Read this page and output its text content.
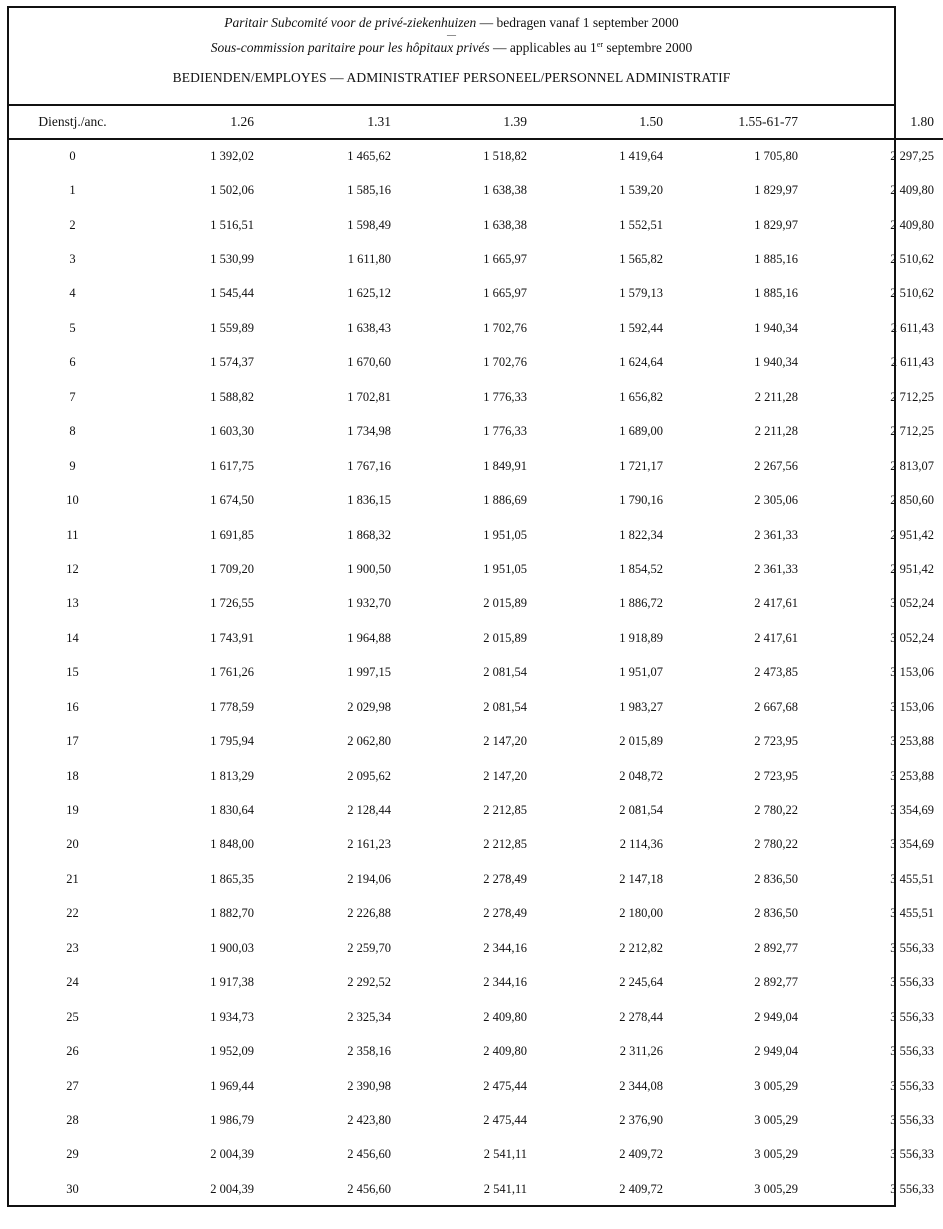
Paritair Subcomité voor de privé-ziekenhuizen — bedragen vanaf 1 september 2000
—
Sous-commission paritaire pour les hôpitaux privés — applicables au 1er septembre 2000
BEDIENDEN/EMPLOYES — ADMINISTRATIEF PERSONEEL/PERSONNEL ADMINISTRATIF
Dienstj./anc.	1.26	1.31	1.39	1.50	1.55-61-77	1.80
0	1 392,02	1 465,62	1 518,82	1 419,64	1 705,80	2 297,25
1	1 502,06	1 585,16	1 638,38	1 539,20	1 829,97	2 409,80
2	1 516,51	1 598,49	1 638,38	1 552,51	1 829,97	2 409,80
3	1 530,99	1 611,80	1 665,97	1 565,82	1 885,16	2 510,62
4	1 545,44	1 625,12	1 665,97	1 579,13	1 885,16	2 510,62
5	1 559,89	1 638,43	1 702,76	1 592,44	1 940,34	2 611,43
6	1 574,37	1 670,60	1 702,76	1 624,64	1 940,34	2 611,43
7	1 588,82	1 702,81	1 776,33	1 656,82	2 211,28	2 712,25
8	1 603,30	1 734,98	1 776,33	1 689,00	2 211,28	2 712,25
9	1 617,75	1 767,16	1 849,91	1 721,17	2 267,56	2 813,07
10	1 674,50	1 836,15	1 886,69	1 790,16	2 305,06	2 850,60
11	1 691,85	1 868,32	1 951,05	1 822,34	2 361,33	2 951,42
12	1 709,20	1 900,50	1 951,05	1 854,52	2 361,33	2 951,42
13	1 726,55	1 932,70	2 015,89	1 886,72	2 417,61	3 052,24
14	1 743,91	1 964,88	2 015,89	1 918,89	2 417,61	3 052,24
15	1 761,26	1 997,15	2 081,54	1 951,07	2 473,85	3 153,06
16	1 778,59	2 029,98	2 081,54	1 983,27	2 667,68	3 153,06
17	1 795,94	2 062,80	2 147,20	2 015,89	2 723,95	3 253,88
18	1 813,29	2 095,62	2 147,20	2 048,72	2 723,95	3 253,88
19	1 830,64	2 128,44	2 212,85	2 081,54	2 780,22	3 354,69
20	1 848,00	2 161,23	2 212,85	2 114,36	2 780,22	3 354,69
21	1 865,35	2 194,06	2 278,49	2 147,18	2 836,50	3 455,51
22	1 882,70	2 226,88	2 278,49	2 180,00	2 836,50	3 455,51
23	1 900,03	2 259,70	2 344,16	2 212,82	2 892,77	3 556,33
24	1 917,38	2 292,52	2 344,16	2 245,64	2 892,77	3 556,33
25	1 934,73	2 325,34	2 409,80	2 278,44	2 949,04	3 556,33
26	1 952,09	2 358,16	2 409,80	2 311,26	2 949,04	3 556,33
27	1 969,44	2 390,98	2 475,44	2 344,08	3 005,29	3 556,33
28	1 986,79	2 423,80	2 475,44	2 376,90	3 005,29	3 556,33
29	2 004,39	2 456,60	2 541,11	2 409,72	3 005,29	3 556,33
30	2 004,39	2 456,60	2 541,11	2 409,72	3 005,29	3 556,33
